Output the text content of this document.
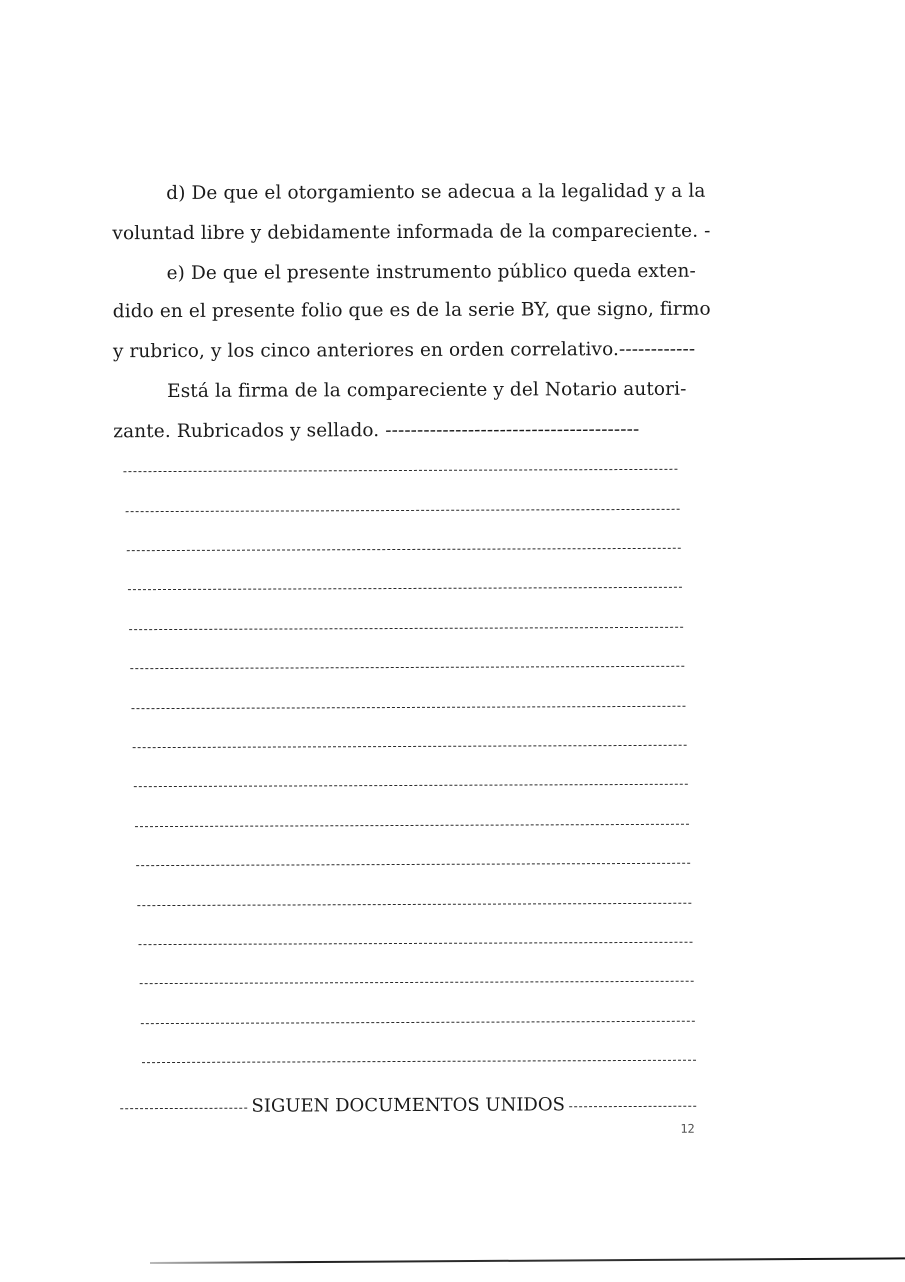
d) De que el otorgamiento se adecua a la legalidad y a la
voluntad libre y debidamente informada de la compareciente. -
e) De que el presente instrumento público queda exten-
dido en el presente folio que es de la serie BY, que signo, firmo
y rubrico, y los cinco anteriores en orden correlativo.------------
Está la firma de la compareciente y del Notario autori-
zante. Rubricados y sellado. ----------------------------------------
SIGUEN DOCUMENTOS UNIDOS
12
